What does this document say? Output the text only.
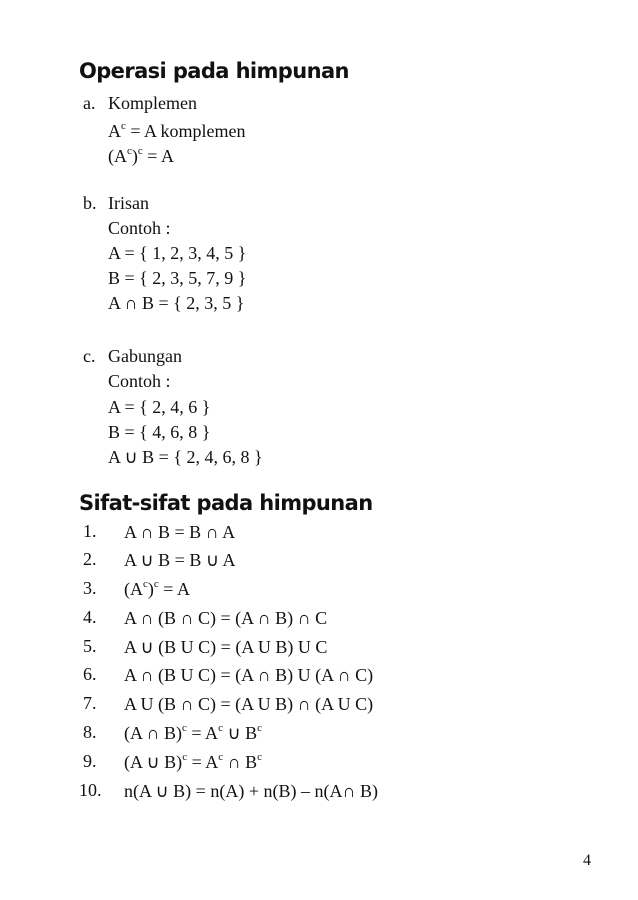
Operasi pada himpunan
a. Komplemen
$A^c = A$ komplemen
$(A^c)^c = A$
b. Irisan
Contoh :
A = { 1, 2, 3, 4, 5 }
B = { 2, 3, 5, 7, 9 }
A ∩ B = { 2, 3, 5 }
c. Gabungan
Contoh :
A = { 2, 4, 6 }
B = { 4, 6, 8 }
A ∪ B = { 2, 4, 6, 8 }
Sifat-sifat pada himpunan
1. A ∩ B = B ∩ A
2. A ∪ B = B ∪ A
3. $(A^c)^c = A$
4. A ∩ (B ∩ C) = (A ∩ B) ∩ C
5. A ∪ (B U C) = (A U B) U C
6. A ∩ (B U C) = (A ∩ B) U (A ∩ C)
7. A U (B ∩ C) = (A U B) ∩ (A U C)
8. (A ∩ $B)^c = A^c$ ∪ $B^c$
9. (A ∪ $B)^c = A^c$ ∩ $B^c$
10. n(A ∪ B) = n(A) + n(B) – n(A∩ B)
4
